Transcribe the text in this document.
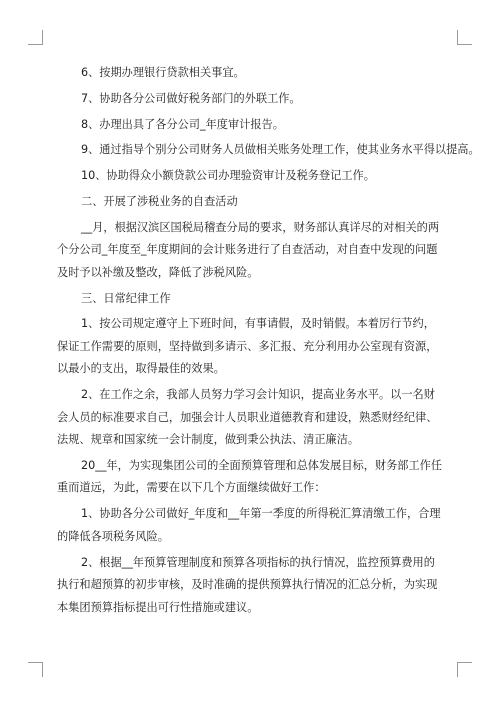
6、按期办理银行贷款相关事宜。

7、协助各分公司做好税务部门的外联工作。

8、办理出具了各分公司_年度审计报告。

9、通过指导个别分公司财务人员做相关账务处理工作，使其业务水平得以提高。

10、协助得众小额贷款公司办理验资审计及税务登记工作。

二、开展了涉税业务的自查活动

__月，根据汉滨区国税局稽查分局的要求，财务部认真详尽的对相关的两个分公司_年度至_年度期间的会计账务进行了自查活动，对自查中发现的问题及时予以补缴及整改，降低了涉税风险。

三、日常纪律工作

1、按公司规定遵守上下班时间，有事请假，及时销假。本着厉行节约，保证工作需要的原则，坚持做到多请示、多汇报、充分利用办公室现有资源，以最小的支出，取得最佳的效果。

2、在工作之余，我部人员努力学习会计知识，提高业务水平。以一名财会人员的标准要求自己，加强会计人员职业道德教育和建设，熟悉财经纪律、法规、规章和国家统一会计制度，做到秉公执法、清正廉洁。

20__年，为实现集团公司的全面预算管理和总体发展目标，财务部工作任重而道远，为此，需要在以下几个方面继续做好工作：

1、协助各分公司做好_年度和__年第一季度的所得税汇算清缴工作，合理的降低各项税务风险。

2、根据__年预算管理制度和预算各项指标的执行情况，监控预算费用的执行和超预算的初步审核，及时准确的提供预算执行情况的汇总分析，为实现本集团预算指标提出可行性措施或建议。
